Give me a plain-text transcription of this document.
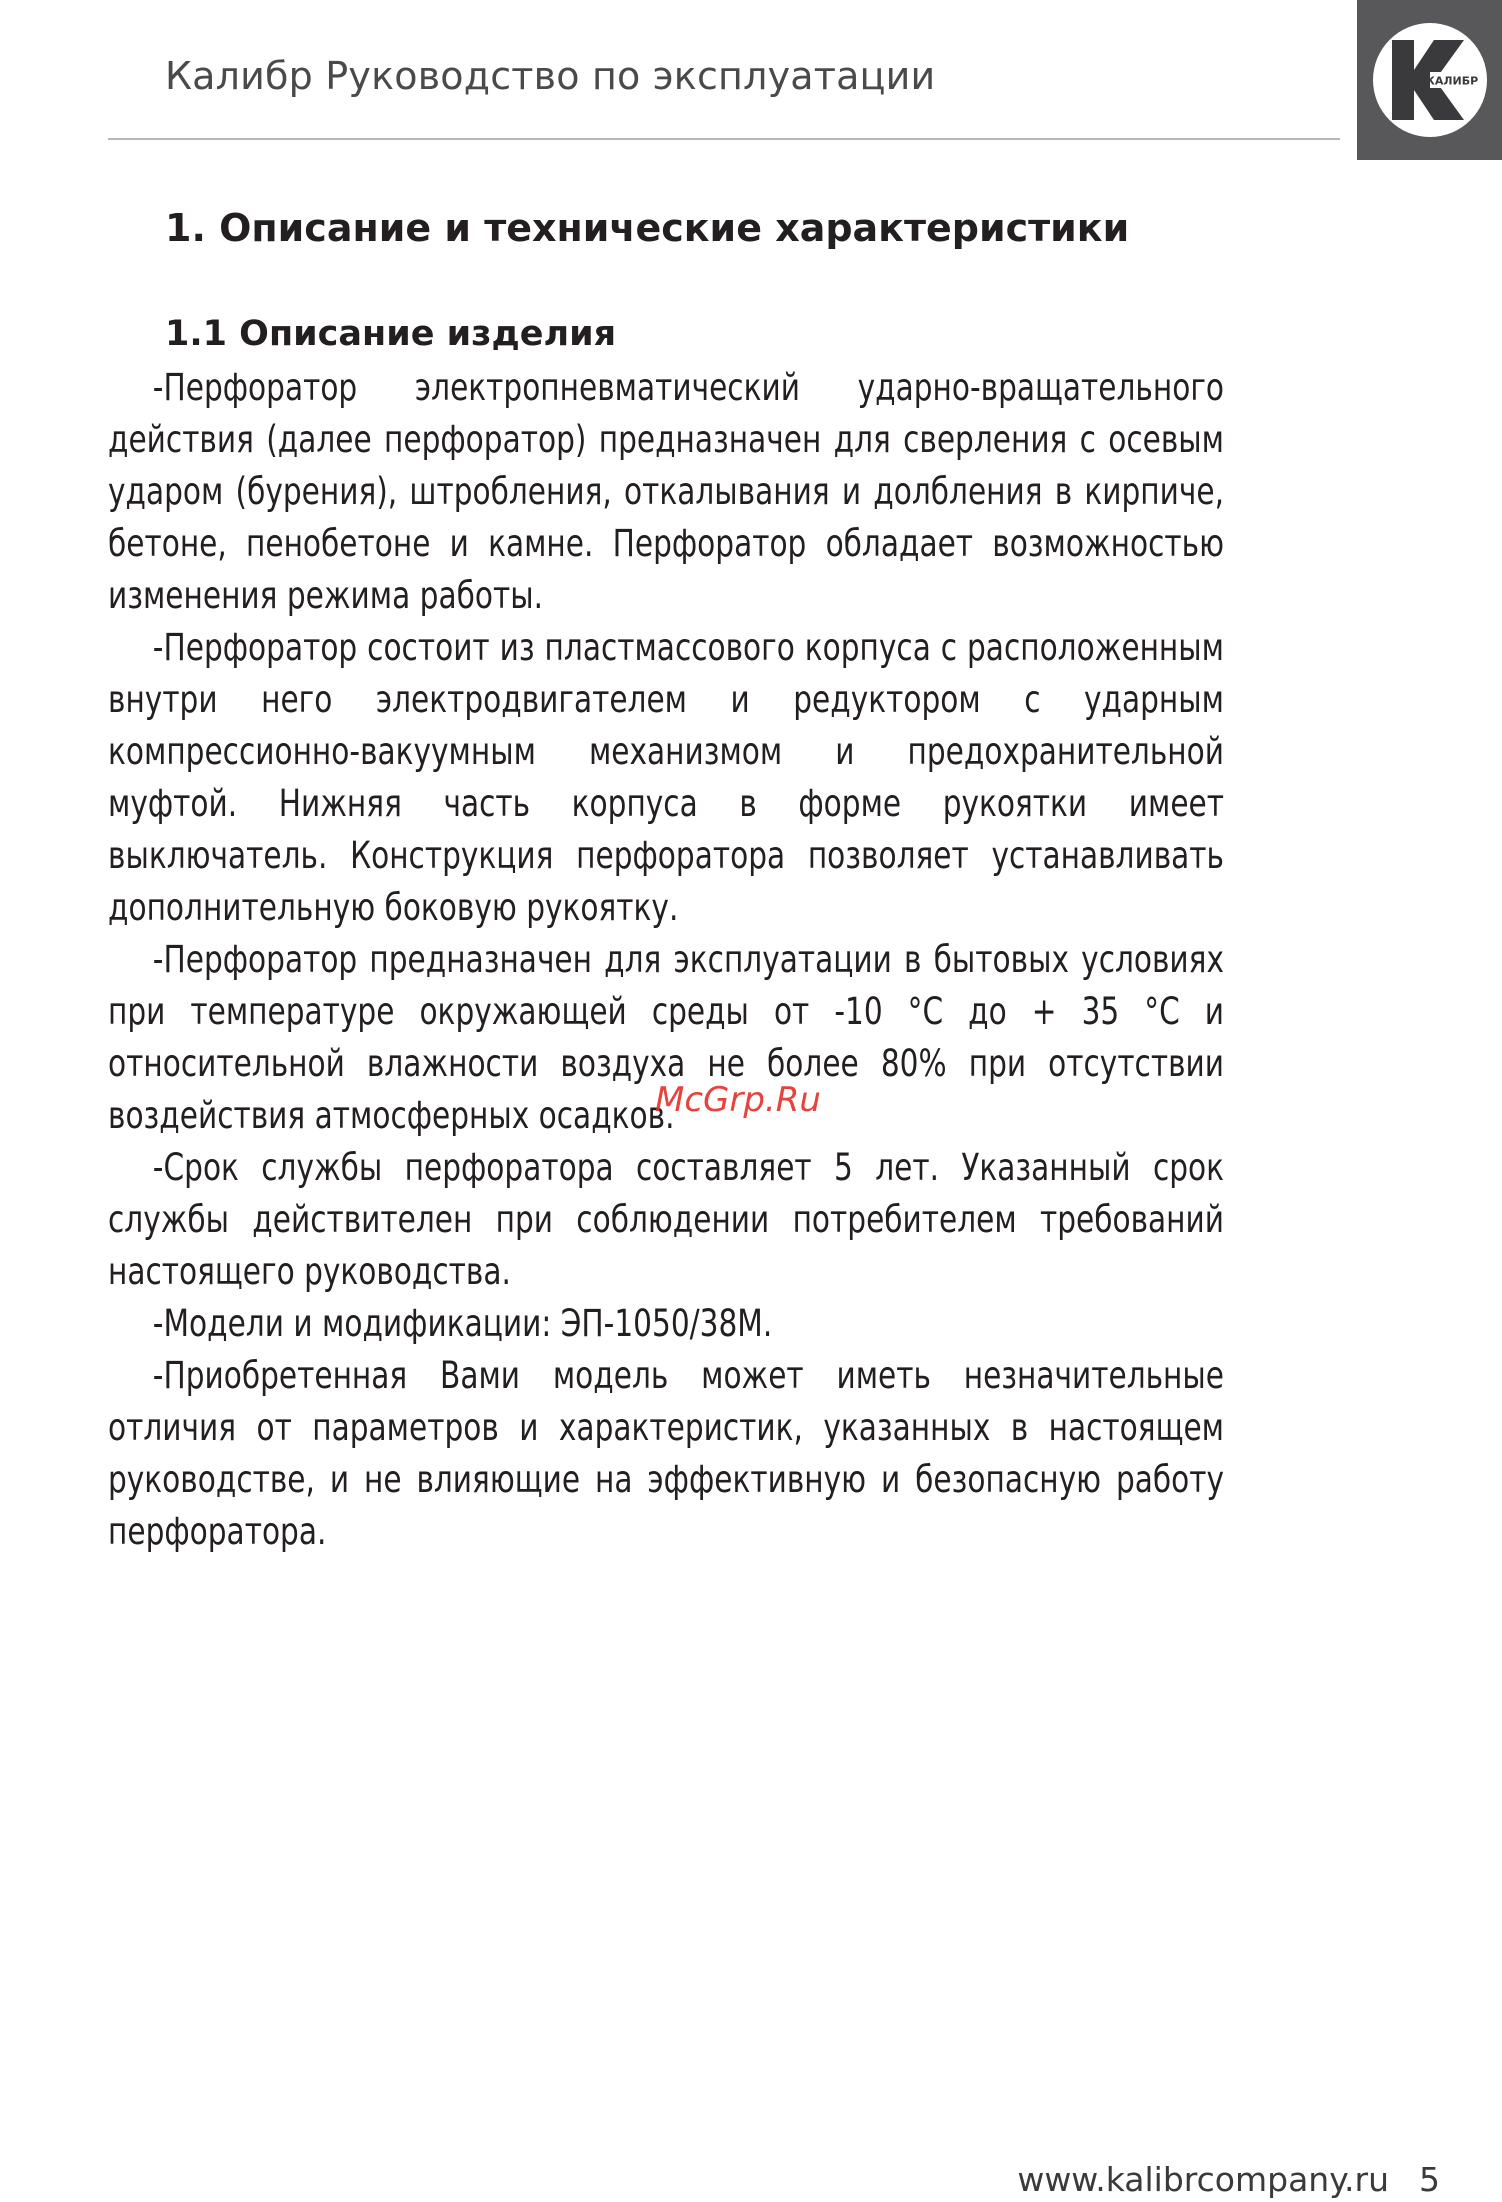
Калибр Руководство по эксплуатации	КАЛИБР
1. Описание и технические характеристики
1.1 Описание изделия

-Перфоратор электропневматический ударно-вращательного действия (далее перфоратор) предназначен для сверления с осевым ударом (бурения), штробления, откалывания и долбления в кирпиче, бетоне, пенобетоне и камне. Перфоратор обладает возможностью изменения режима работы.

-Перфоратор состоит из пластмассового корпуса с расположенным внутри него электродвигателем и редуктором с ударным компрессионно-вакуумным механизмом и предохранительной муфтой. Нижняя часть корпуса в форме рукоятки имеет выключатель. Конструкция перфоратора позволяет устанавливать дополнительную боковую рукоятку.

-Перфоратор предназначен для эксплуатации в бытовых условиях при температуре окружающей среды от -10 °С до + 35 °С и относительной влажности воздуха не более 80% при отсутствии воздействия атмосферных осадков.

-Срок службы перфоратора составляет 5 лет. Указанный срок службы действителен при соблюдении потребителем требований настоящего руководства.

-Модели и модификации: ЭП-1050/38М.

-Приобретенная Вами модель может иметь незначительные отличия от параметров и характеристик, указанных в настоящем руководстве, и не влияющие на эффективную и безопасную работу перфоратора.

McGrp.Ru
www.kalibrcompany.ru 5
